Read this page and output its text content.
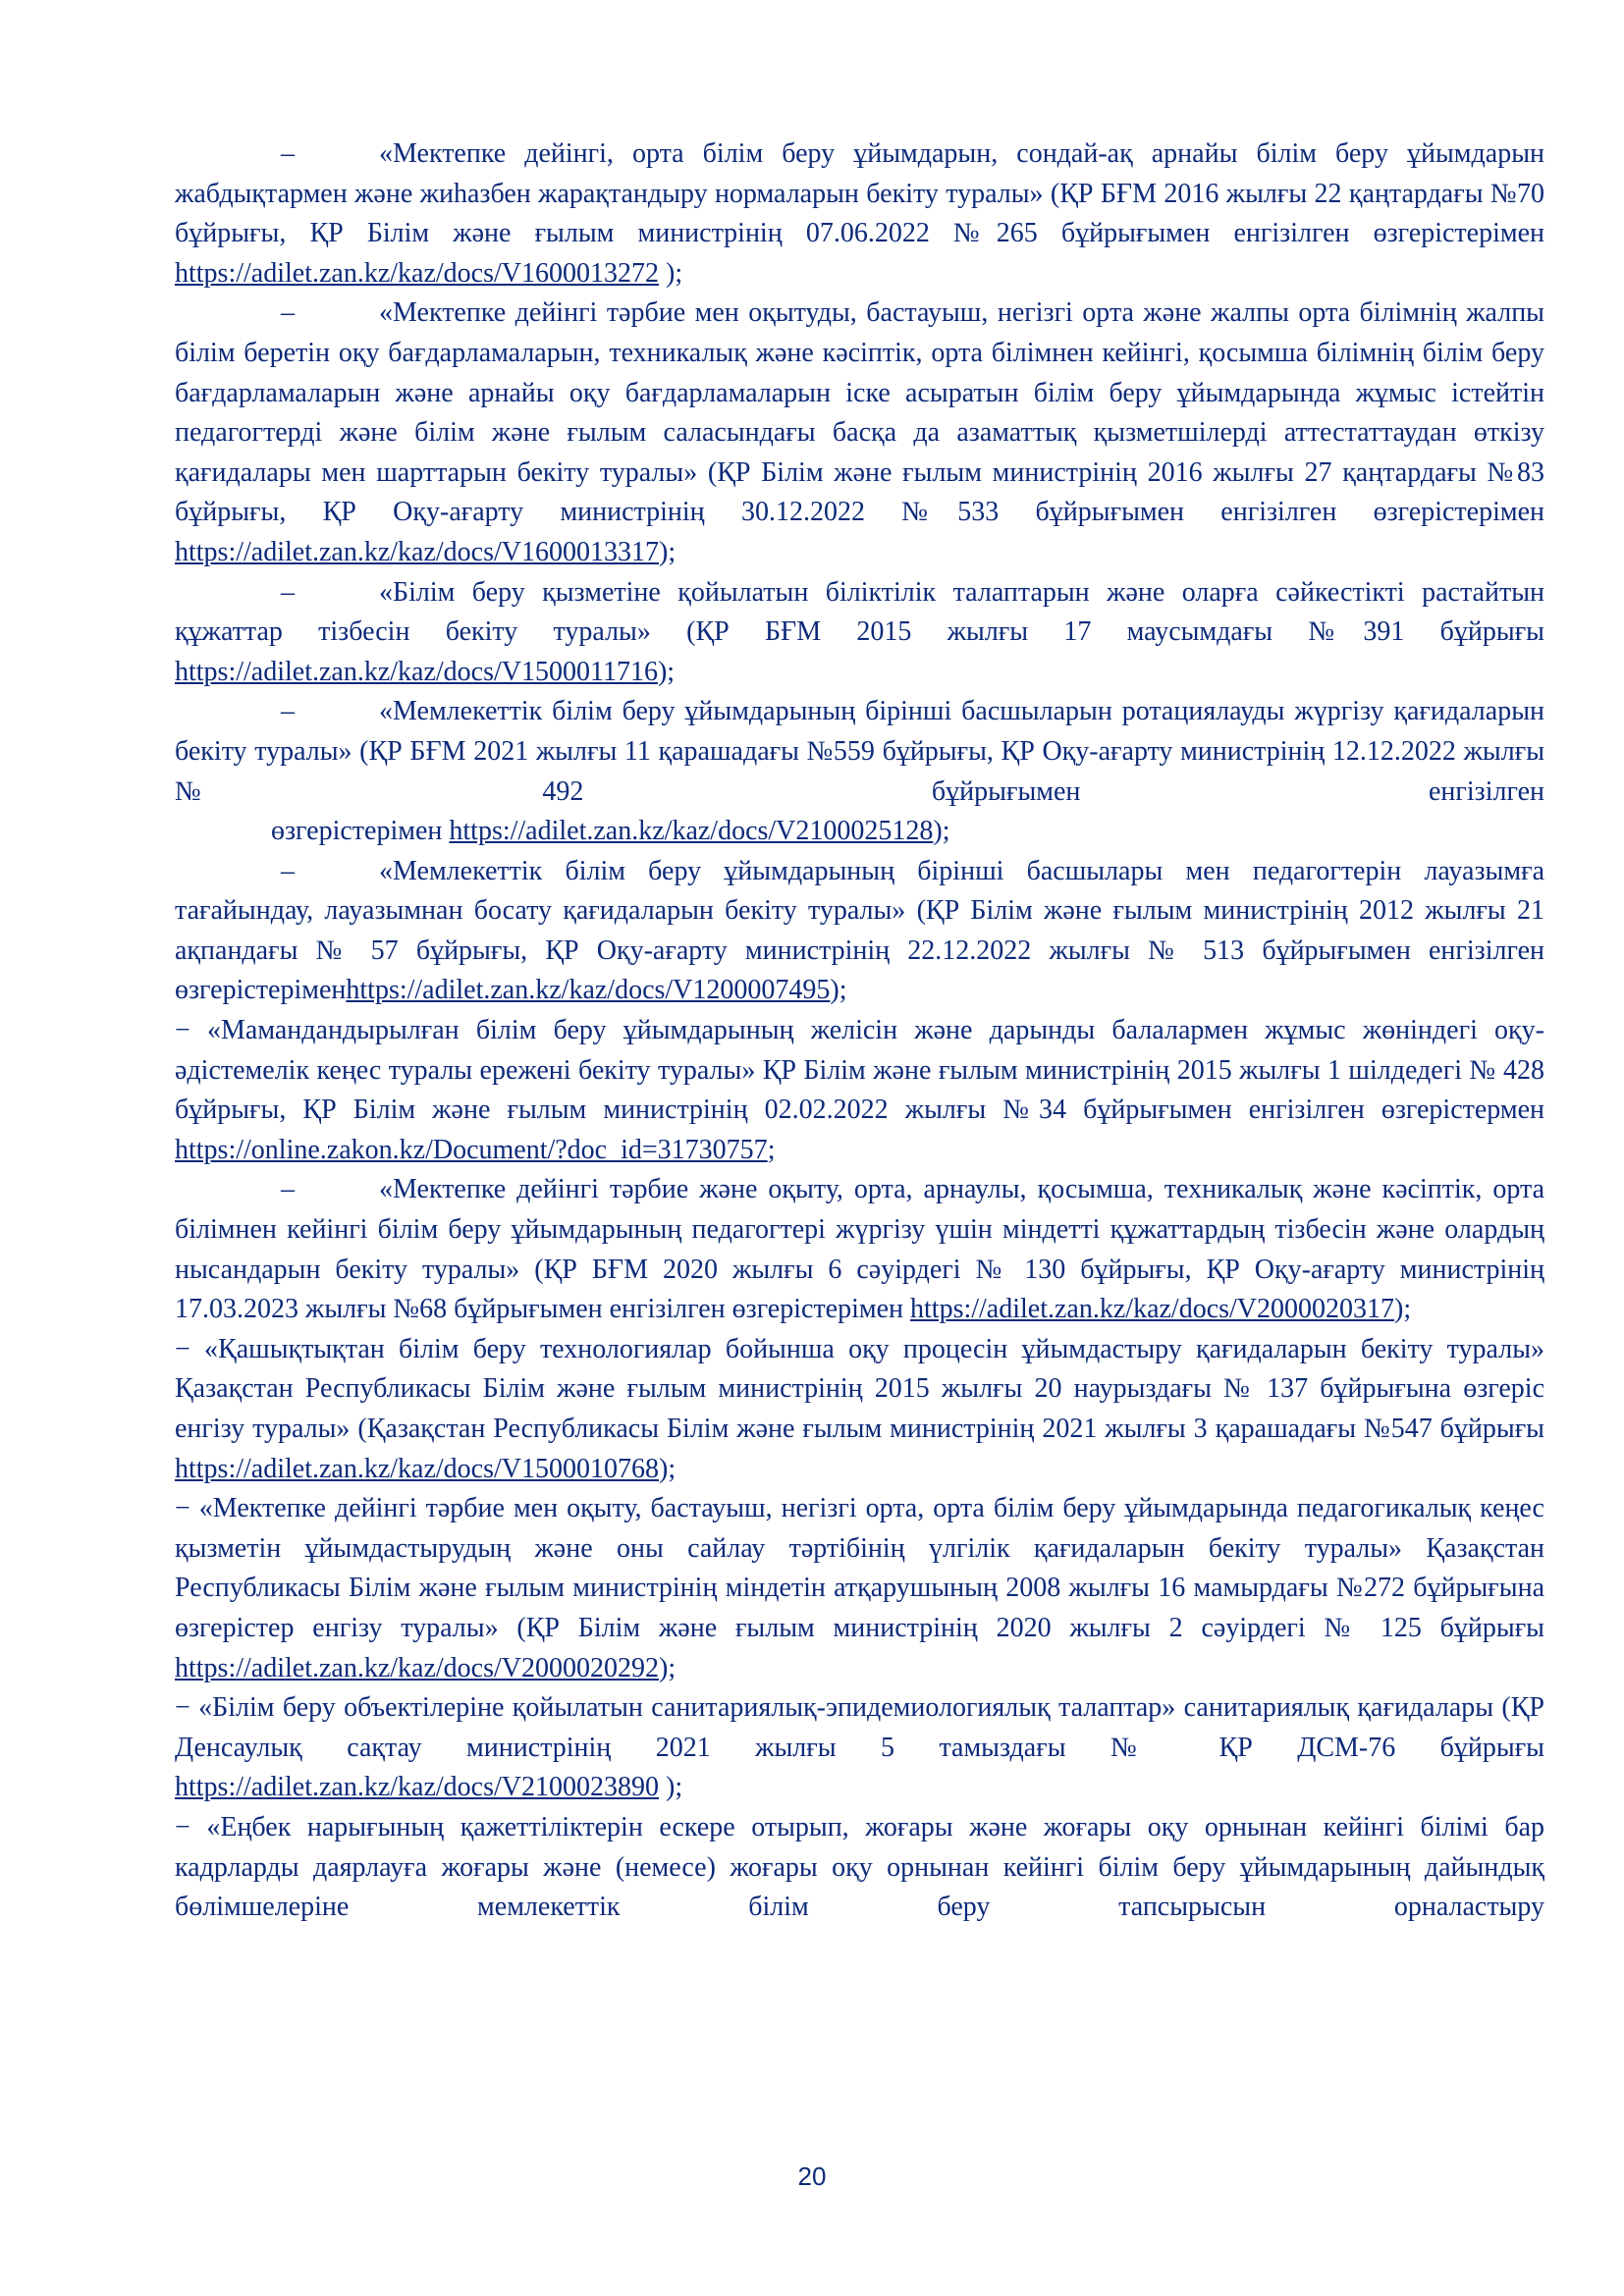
–	«Мектепке дейінгі, орта білім беру ұйымдарын, сондай-ақ арнайы білім беру ұйымдарын жабдықтармен және жиһазбен жарақтандыру нормаларын бекіту туралы» (ҚР БҒМ 2016 жылғы 22 қаңтардағы №70 бұйрығы, ҚР Білім және ғылым министрінің 07.06.2022 №265 бұйрығымен енгізілген өзгерістерімен https://adilet.zan.kz/kaz/docs/V1600013272 );

–	«Мектепке дейінгі тәрбие мен оқытуды, бастауыш, негізгі орта және жалпы орта білімнің жалпы білім беретін оқу бағдарламаларын, техникалық және кәсіптік, орта білімнен кейінгі, қосымша білімнің білім беру бағдарламаларын және арнайы оқу бағдарламаларын іске асыратын білім беру ұйымдарында жұмыс істейтін педагогтерді және білім және ғылым саласындағы басқа да азаматтық қызметшілерді аттестаттаудан өткізу қағидалары мен шарттарын бекіту туралы» (ҚР Білім және ғылым министрінің 2016 жылғы 27 қаңтардағы №83 бұйрығы, ҚР Оқу-ағарту министрінің 30.12.2022 №533 бұйрығымен енгізілген өзгерістерімен https://adilet.zan.kz/kaz/docs/V1600013317);

–	«Білім беру қызметіне қойылатын біліктілік талаптарын және оларға сәйкестікті растайтын құжаттар тізбесін бекіту туралы» (ҚР БҒМ 2015 жылғы 17 маусымдағы №391 бұйрығы https://adilet.zan.kz/kaz/docs/V1500011716);

–	«Мемлекеттік білім беру ұйымдарының бірінші басшыларын ротациялауды жүргізу қағидаларын бекіту туралы» (ҚР БҒМ 2021 жылғы 11 қарашадағы №559 бұйрығы, ҚР Оқу-ағарту министрінің 12.12.2022 жылғы №492 бұйрығымен енгізілген

өзгерістерімен https://adilet.zan.kz/kaz/docs/V2100025128);

–	«Мемлекеттік білім беру ұйымдарының бірінші басшылары мен педагогтерін лауазымға тағайындау, лауазымнан босату қағидаларын бекіту туралы» (ҚР Білім және ғылым министрінің 2012 жылғы 21 ақпандағы № 57 бұйрығы, ҚР Оқу-ағарту министрінің 22.12.2022 жылғы № 513 бұйрығымен енгізілген өзгерістеріменhttps://adilet.zan.kz/kaz/docs/V1200007495);

− «Мамандандырылған білім беру ұйымдарының желісін және дарынды балалармен жұмыс жөніндегі оқу-әдістемелік кеңес туралы ережені бекіту туралы» ҚР Білім және ғылым министрінің 2015 жылғы 1 шілдедегі № 428 бұйрығы, ҚР Білім және ғылым министрінің 02.02.2022 жылғы №34 бұйрығымен енгізілген өзгерістермен https://online.zakon.kz/Document/?doc_id=31730757;

–	«Мектепке дейінгі тәрбие және оқыту, орта, арнаулы, қосымша, техникалық және кәсіптік, орта білімнен кейінгі білім беру ұйымдарының педагогтері жүргізу үшін міндетті құжаттардың тізбесін және олардың нысандарын бекіту туралы» (ҚР БҒМ 2020 жылғы 6 сәуірдегі № 130 бұйрығы, ҚР Оқу-ағарту министрінің 17.03.2023 жылғы №68 бұйрығымен енгізілген өзгерістерімен https://adilet.zan.kz/kaz/docs/V2000020317);

− «Қашықтықтан білім беру технологиялар бойынша оқу процесін ұйымдастыру қағидаларын бекіту туралы» Қазақстан Республикасы Білім және ғылым министрінің 2015 жылғы 20 наурыздағы № 137 бұйрығына өзгеріс енгізу туралы» (Қазақстан Республикасы Білім және ғылым министрінің 2021 жылғы 3 қарашадағы №547 бұйрығы https://adilet.zan.kz/kaz/docs/V1500010768);

− «Мектепке дейінгі тәрбие мен оқыту, бастауыш, негізгі орта, орта білім беру ұйымдарында педагогикалық кеңес қызметін ұйымдастырудың және оны сайлау тәртібінің үлгілік қағидаларын бекіту туралы» Қазақстан Республикасы Білім және ғылым министрінің міндетін атқарушының 2008 жылғы 16 мамырдағы №272 бұйрығына өзгерістер енгізу туралы» (ҚР Білім және ғылым министрінің 2020 жылғы 2 сәуірдегі № 125 бұйрығы https://adilet.zan.kz/kaz/docs/V2000020292);

− «Білім беру объектілеріне қойылатын санитариялық-эпидемиологиялық талаптар» санитариялық қағидалары (ҚР Денсаулық сақтау министрінің 2021 жылғы 5 тамыздағы № ҚР ДСМ-76 бұйрығы https://adilet.zan.kz/kaz/docs/V2100023890 );

− «Еңбек нарығының қажеттіліктерін ескере отырып, жоғары және жоғары оқу орнынан кейінгі білімі бар кадрларды даярлауға жоғары және (немесе) жоғары оқу орнынан кейінгі білім беру ұйымдарының дайындық бөлімшелеріне мемлекеттік білім беру тапсырысын орналастыру

20
